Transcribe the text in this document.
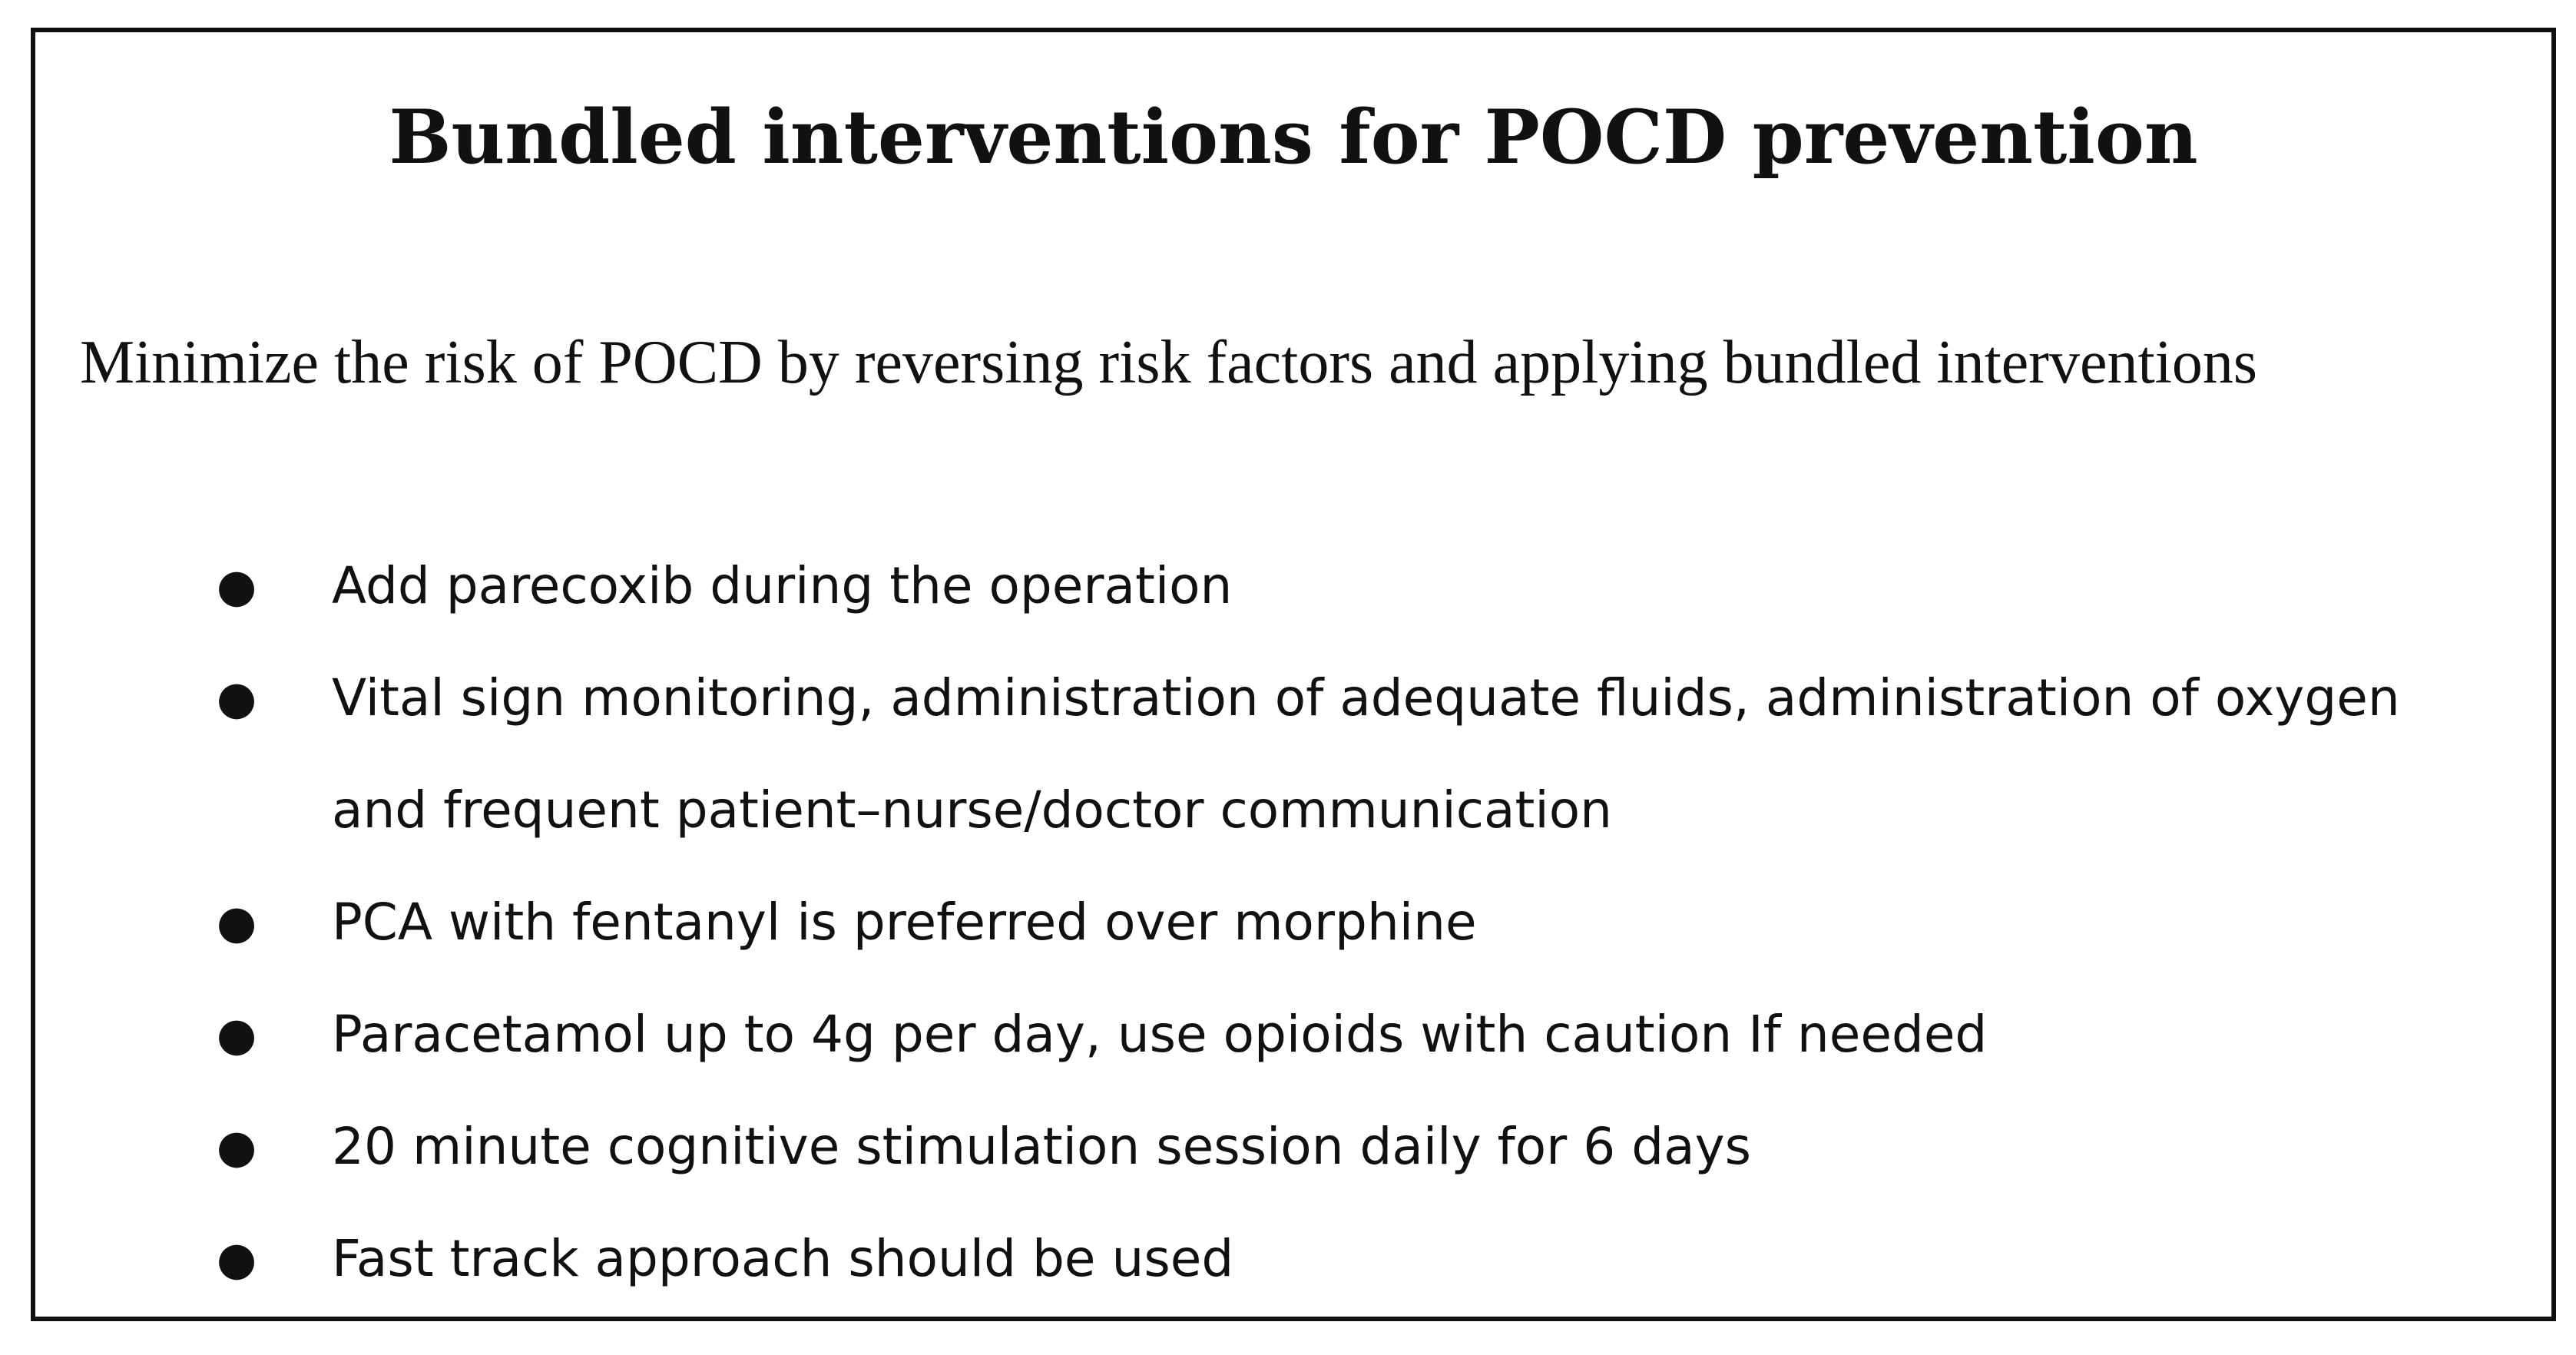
Bundled interventions for POCD prevention

Minimize the risk of POCD by reversing risk factors and applying bundled interventions

● Add parecoxib during the operation
● Vital sign monitoring, administration of adequate fluids, administration of oxygen and frequent patient–nurse/doctor communication
● PCA with fentanyl is preferred over morphine
● Paracetamol up to 4g per day, use opioids with caution If needed
● 20 minute cognitive stimulation session daily for 6 days
● Fast track approach should be used
